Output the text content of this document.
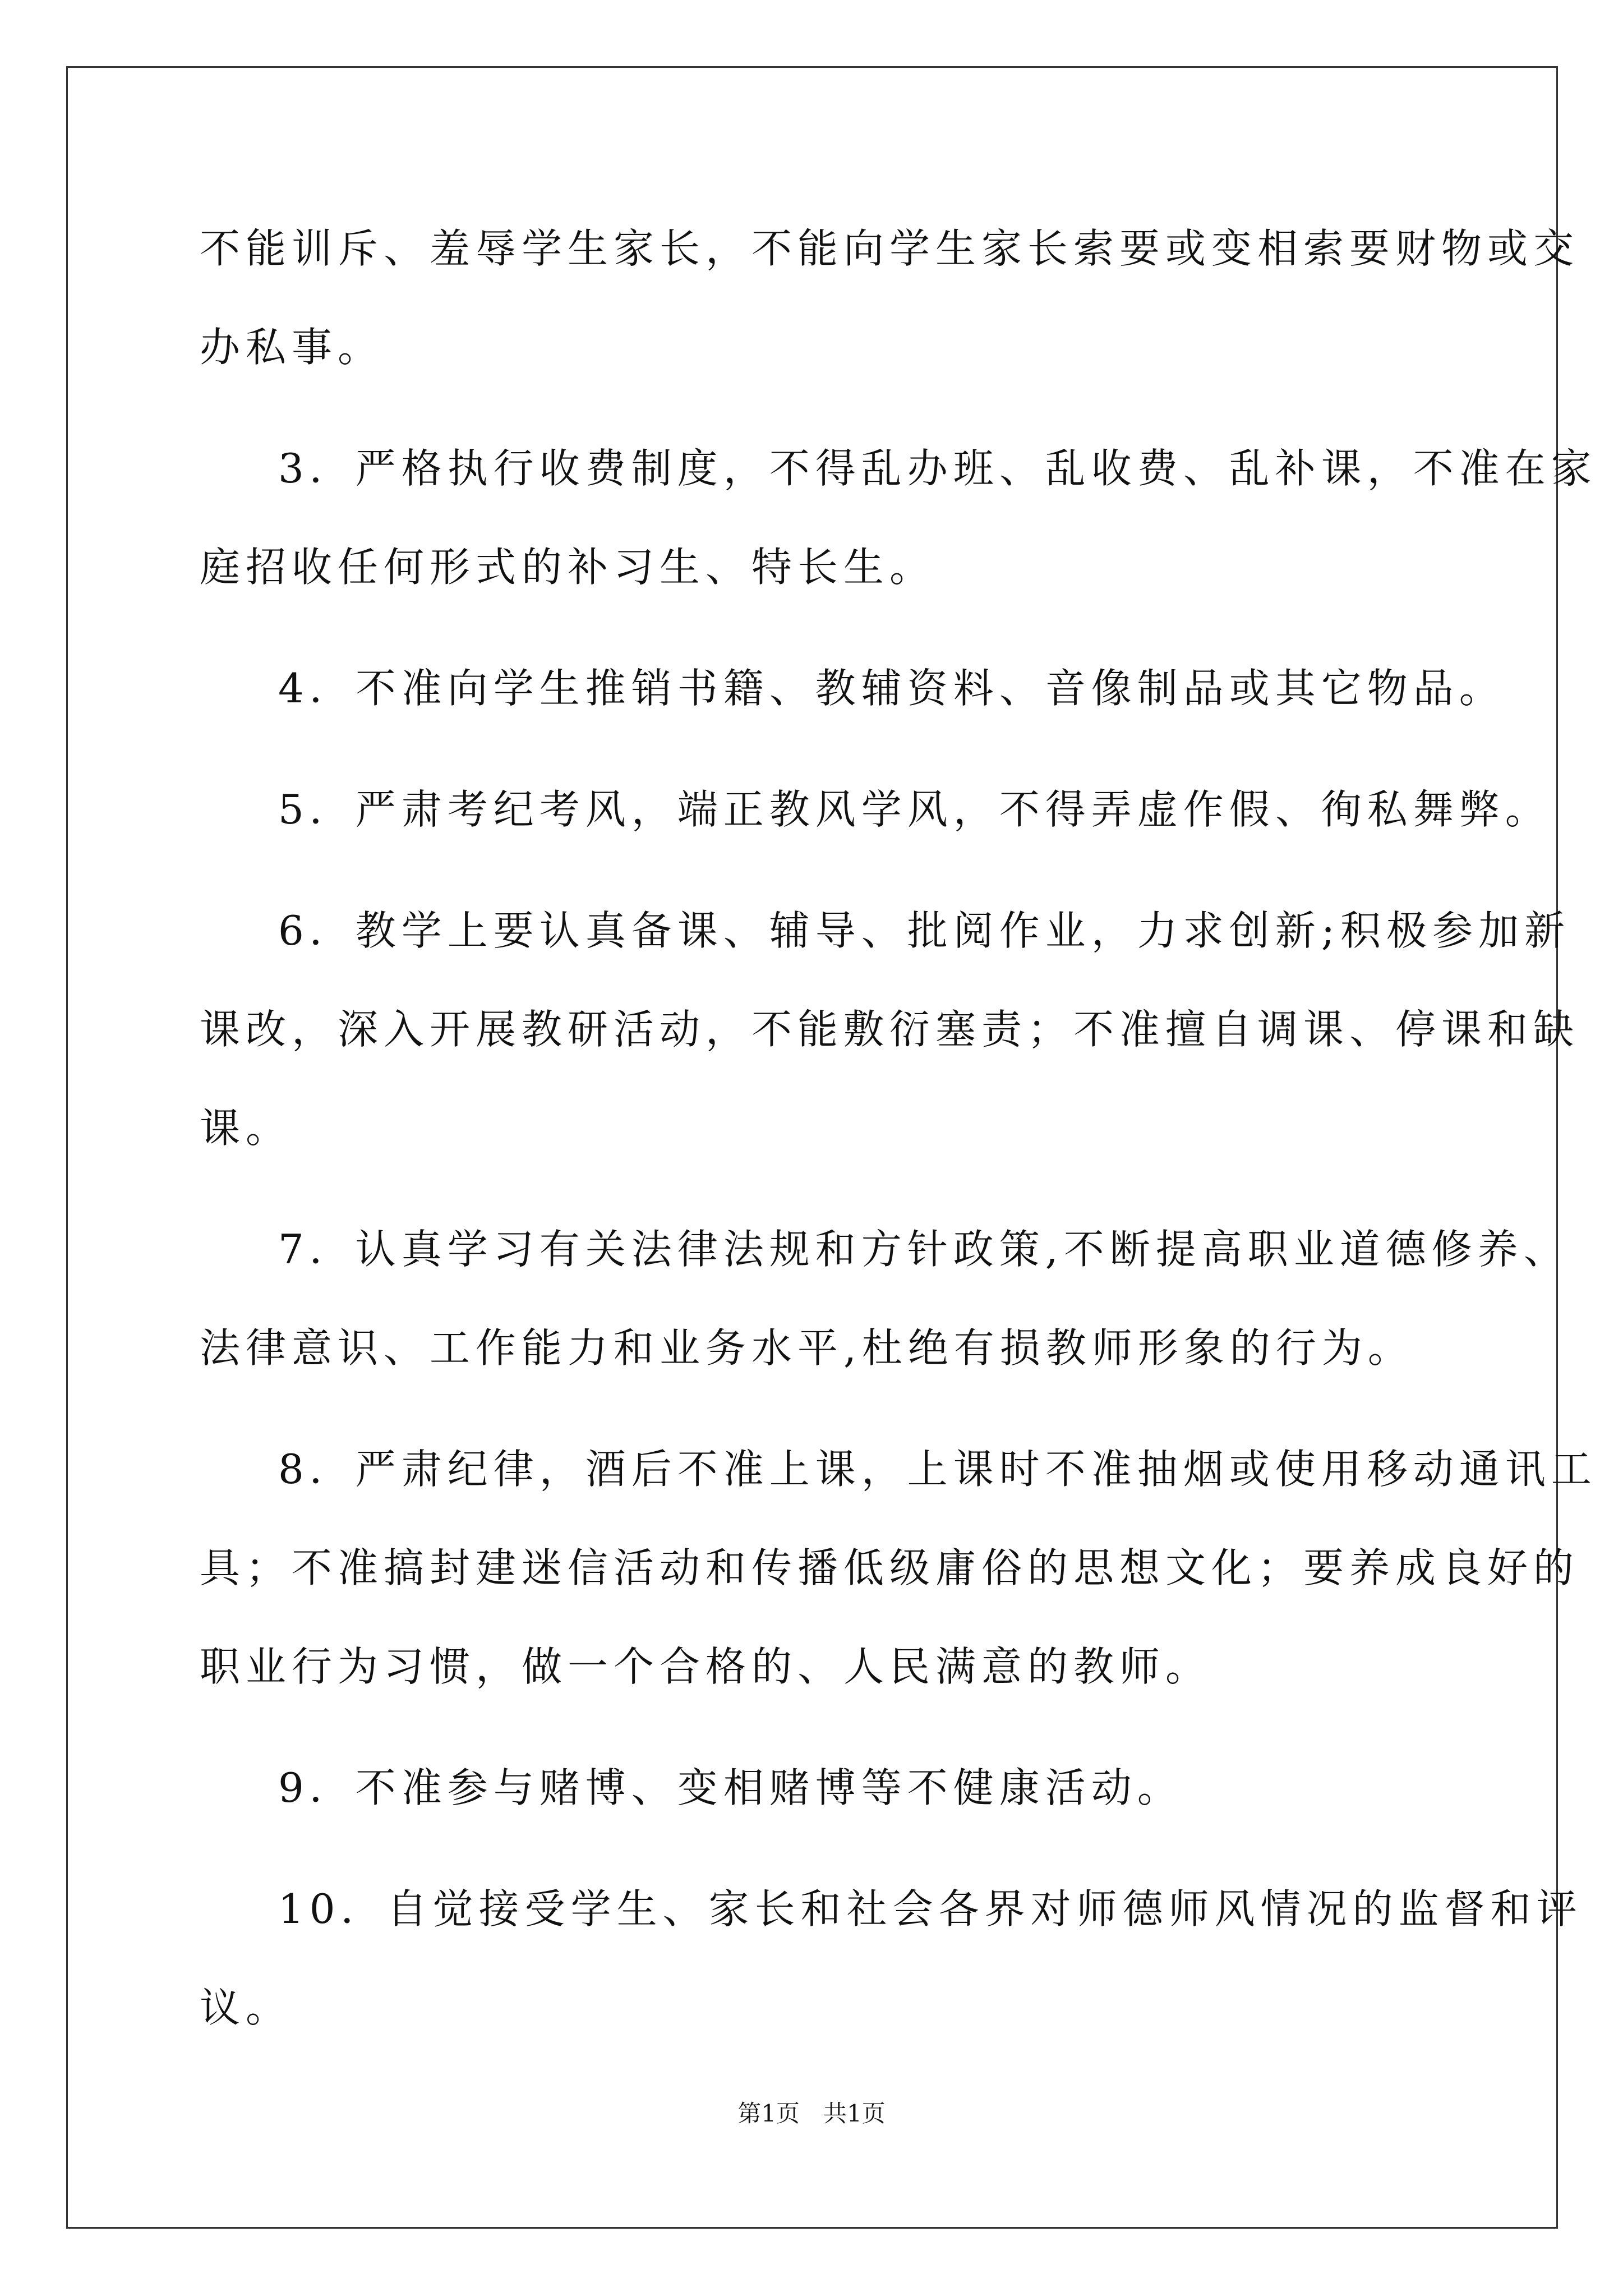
不能训斥、羞辱学生家长，不能向学生家长索要或变相索要财物或交
办私事。
3．严格执行收费制度，不得乱办班、乱收费、乱补课，不准在家
庭招收任何形式的补习生、特长生。
4．不准向学生推销书籍、教辅资料、音像制品或其它物品。
5．严肃考纪考风，端正教风学风，不得弄虚作假、徇私舞弊。
6．教学上要认真备课、辅导、批阅作业，力求创新;积极参加新
课改，深入开展教研活动，不能敷衍塞责；不准擅自调课、停课和缺
课。
7．认真学习有关法律法规和方针政策,不断提高职业道德修养、
法律意识、工作能力和业务水平,杜绝有损教师形象的行为。
8．严肃纪律，酒后不准上课，上课时不准抽烟或使用移动通讯工
具；不准搞封建迷信活动和传播低级庸俗的思想文化；要养成良好的
职业行为习惯，做一个合格的、人民满意的教师。
9．不准参与赌博、变相赌博等不健康活动。
10．自觉接受学生、家长和社会各界对师德师风情况的监督和评
议。
第1页　共1页
